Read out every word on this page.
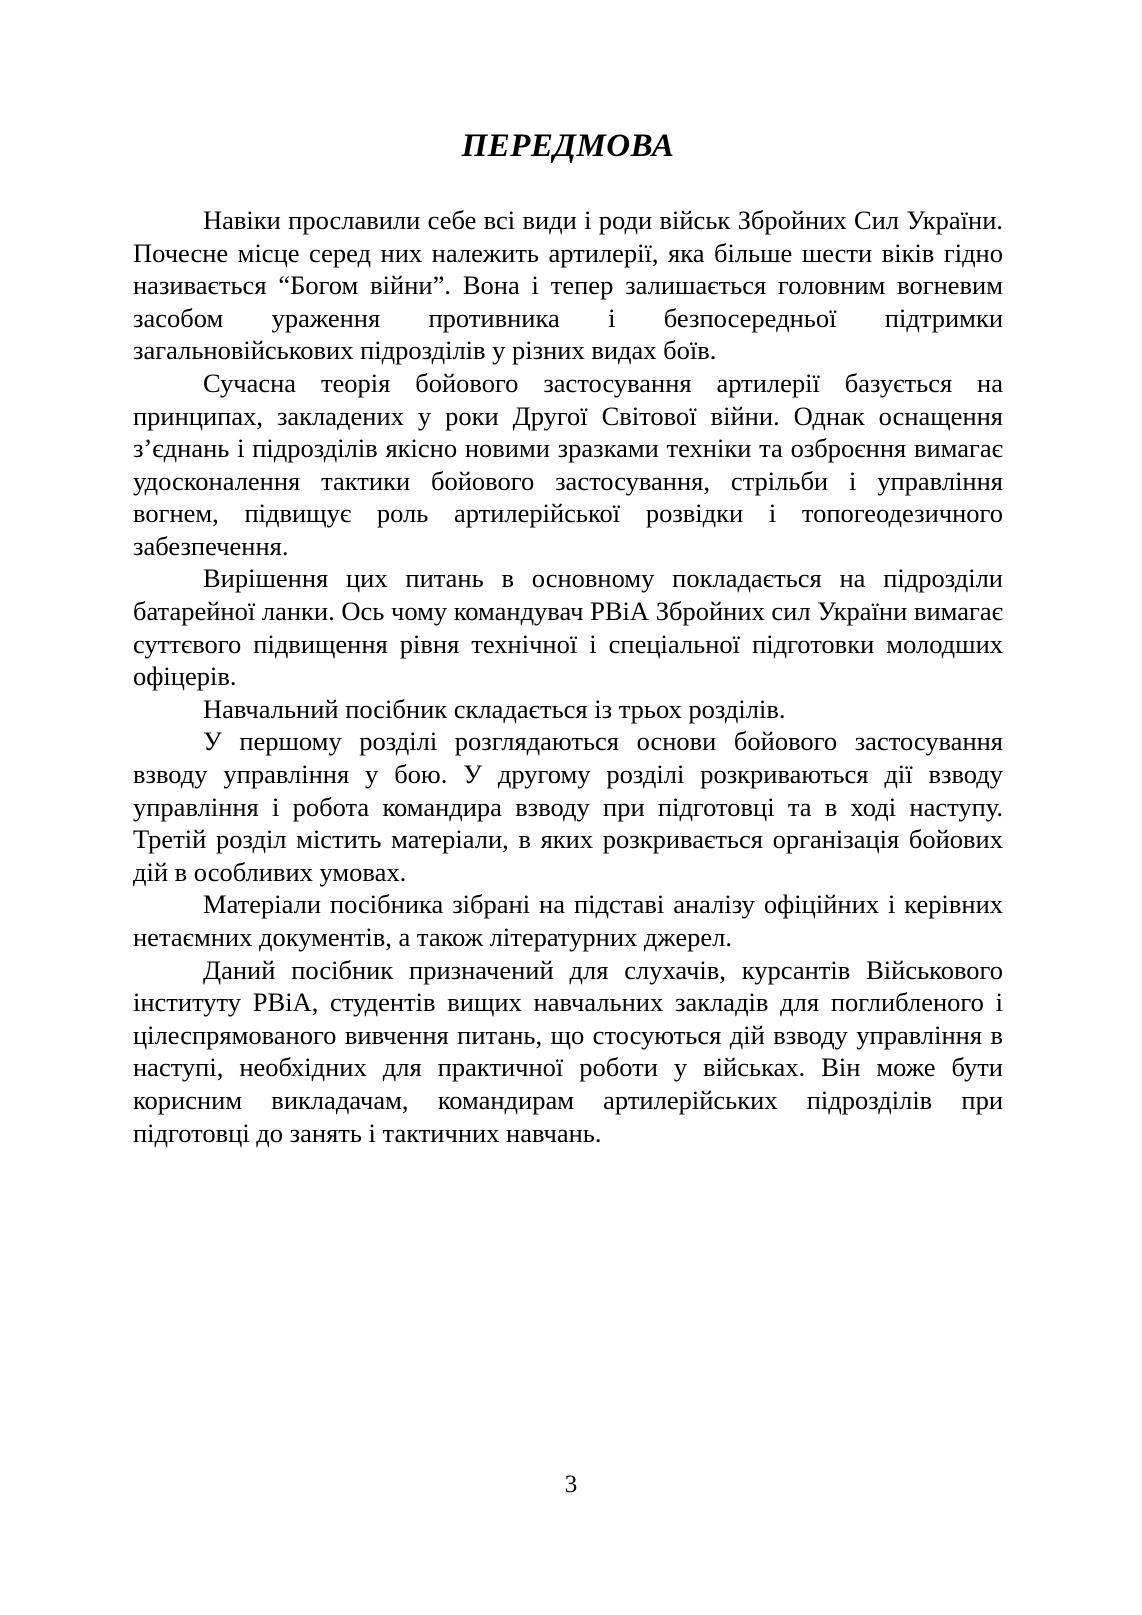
ПЕРЕДМОВА

Навіки прославили себе всі види і роди військ Збройних Сил України. Почесне місце серед них належить артилерії, яка більше шести віків гідно називається “Богом війни”. Вона і тепер залишається головним вогневим засобом ураження противника і безпосередньої підтримки загальновійськових підрозділів у різних видах боїв.

Сучасна теорія бойового застосування артилерії базується на принципах, закладених у роки Другої Світової війни. Однак оснащення з’єднань і підрозділів якісно новими зразками техніки та озброєння вимагає удосконалення тактики бойового застосування, стрільби і управління вогнем, підвищує роль артилерійської розвідки і топогеодезичного забезпечення.

Вирішення цих питань в основному покладається на підрозділи батарейної ланки. Ось чому командувач РВіА Збройних сил України вимагає суттєвого підвищення рівня технічної і спеціальної підготовки молодших офіцерів.

Навчальний посібник складається із трьох розділів.

У першому розділі розглядаються основи бойового застосування взводу управління у бою. У другому розділі розкриваються дії взводу управління і робота командира взводу при підготовці та в ході наступу. Третій розділ містить матеріали, в яких розкривається організація бойових дій в особливих умовах.

Матеріали посібника зібрані на підставі аналізу офіційних і керівних нетаємних документів, а також літературних джерел.

Даний посібник призначений для слухачів, курсантів Військового інституту РВіА, студентів вищих навчальних закладів для поглибленого і цілеспрямованого вивчення питань, що стосуються дій взводу управління в наступі, необхідних для практичної роботи у військах. Він може бути корисним викладачам, командирам артилерійських підрозділів при підготовці до занять і тактичних навчань.

3
